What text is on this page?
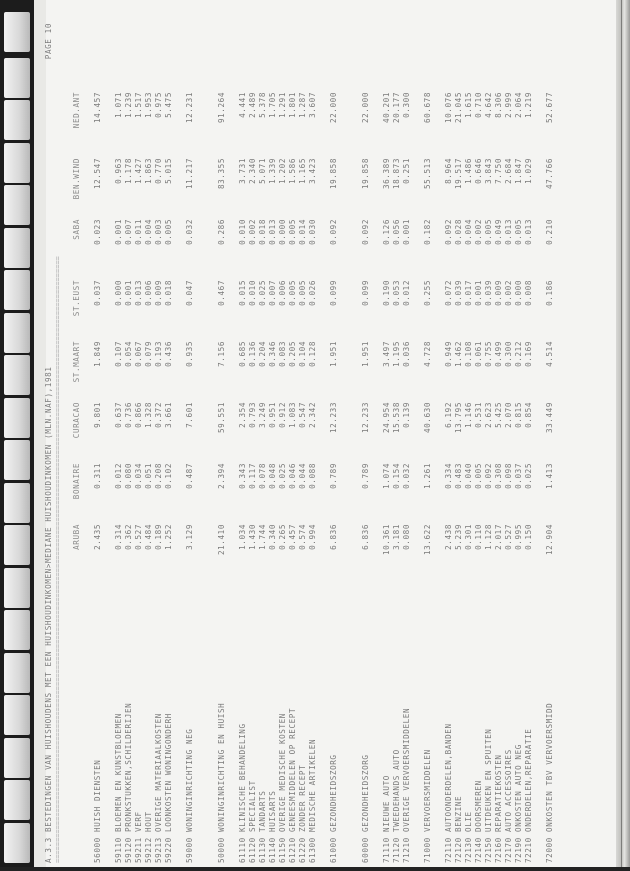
A.3.3 BESTEDINGEN VAN HUISHOUDENS MET EEN HUISHOUDINKOMEN>MEDIANE HUISHOUDINKOMEN (MLN.NAF),1981
PAGE 10
================================================================================================================================================
	ARUBA	BONAIRE	CURACAO	ST.MAART	ST.EUST	SABA	BEN.WIND	NED.ANT

56000 HUISH DIENSTEN	2.435	0.311	9.801	1.849	0.037	0.023	12.547	14.457

59110 BLOEMEN EN KUNSTBLOEMEN	0.314	0.012	0.637	0.107	0.000	0.001	0.963	1.071
59120 PRONKSTUKKEN,SCHILDERIJEN	0.362	0.080	0.736	0.054	0.001	0.007	1.178	1.239
59211 VERF	0.527	0.034	0.866	0.067	0.013	0.011	1.427	1.517
59212 HOUT	0.484	0.051	1.328	0.079	0.006	0.004	1.863	1.953
59213 OVERIGE MATERIAALKOSTEN	0.189	0.208	0.372	0.193	0.009	0.003	0.770	0.975
59220 LOONKOSTEN WONINGONDERH	1.252	0.102	3.661	0.436	0.018	0.005	5.015	5.475

59000 WONINGINRICHTING NEG	3.129	0.487	7.601	0.935	0.047	0.032	11.217	12.231

50000 WONINGINRICHTING EN HUISH	21.410	2.394	59.551	7.156	0.467	0.286	83.355	91.264

61110 KLINISCHE BEHANDELING	1.034	0.343	2.354	0.685	0.015	0.010	3.731	4.441
61120 SPECIALIST	1.430	0.117	0.793	0.136	0.010	0.002	2.340	2.489
61130 TANDARTS	1.744	0.078	3.249	0.204	0.025	0.018	5.071	5.378
61140 HUISARTS	0.340	0.048	0.951	0.346	0.007	0.013	1.339	1.705
61150 OVERIGE MEDISCHE KOSTEN	0.265	0.025	0.912	0.083	0.006	0.000	1.202	1.291
61210 GENEESMIDDELEN OP RECEPT	0.457	0.046	1.083	0.205	0.005	0.005	1.586	1.801
61220 ZONDER RECEPT	0.574	0.044	0.547	0.104	0.005	0.014	1.165	1.287
61300 MEDISCHE ARTIKELEN	0.994	0.088	2.342	0.128	0.026	0.030	3.423	3.607

61000 GEZONDHEIDSZORG	6.836	0.789	12.233	1.951	0.099	0.092	19.858	22.000

60000 GEZONDHEIDSZORG	6.836	0.789	12.233	1.951	0.099	0.092	19.858	22.000

71110 NIEUWE AUTO	10.361	1.074	24.954	3.497	0.190	0.126	36.389	40.201
71120 TWEEDEHANDS AUTO	3.181	0.154	15.538	1.195	0.053	0.056	18.873	20.177
71210 OVERIGE VERVOERSMIDDELEN	0.080	0.032	0.139	0.036	0.012	0.001	0.251	0.300

71000 VERVOERSMIDDELEN	13.622	1.261	40.630	4.728	0.255	0.182	55.513	60.678

72110 AUTOONDERDELEN,BANDEN	2.438	0.334	6.192	0.949	0.072	0.092	8.964	10.076
72120 BENZINE	5.239	0.483	13.795	1.462	0.039	0.028	19.517	21.045
72130 OLIE	0.301	0.040	1.146	0.108	0.017	0.004	1.486	1.615
72140 DOORSMEREN	0.110	0.005	0.531	0.061	0.001	0.002	0.646	0.710
72150 UITDEUKEN EN SPUITEN	1.128	0.092	2.623	0.755	0.039	0.005	3.843	4.642
72160 REPARATIEKOSTEN	2.017	0.308	5.425	0.499	0.009	0.049	7.750	8.306
72170 AUTO ACCESSOIRES	0.527	0.098	2.070	0.300	0.002	0.013	2.684	2.999
72190 ONKOSTEN AUTO NEG	0.995	0.037	0.815	0.212	0.000	0.005	1.847	2.064
72210 ONDERDELEN,REPARATIE	0.150	0.025	0.854	0.169	0.008	0.013	1.029	1.219

72000 ONKOSTEN TBV VERVOERSMIDD	12.904	1.413	33.449	4.514	0.186	0.210	47.766	52.677
